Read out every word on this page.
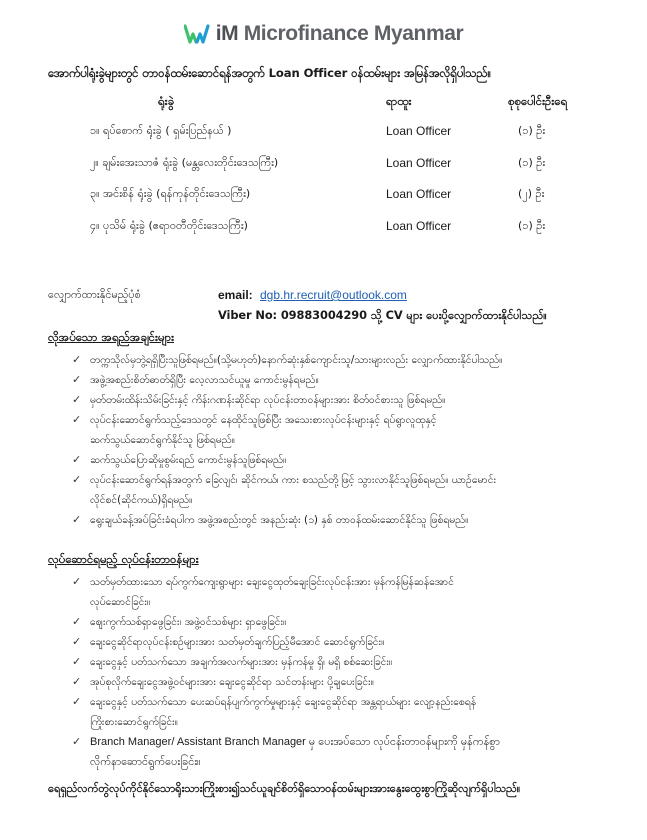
iM Microfinance Myanmar
အောက်ပါရုံးခွဲများတွင် တာဝန်ထမ်းဆောင်ရန်အတွက် Loan Officer ဝန်ထမ်းများ အမြန်အလိုရှိပါသည်။
ရုံးခွဲ	ရာထူး	စုစုပေါင်းဦးရေ
၁။ ရပ်စောက် ရုံးခွဲ ( ရှမ်းပြည်နယ် )	Loan Officer	(၁) ဦး
၂။ ချမ်းအေးသာဇံ ရုံးခွဲ (မန္တလေးတိုင်းဒေသကြီး)	Loan Officer	(၁) ဦး
၃။ အင်းစိန် ရုံးခွဲ (ရန်ကုန်တိုင်းဒေသကြီး)	Loan Officer	(၂) ဦး
၄။ ပုသိမ် ရုံးခွဲ (ဧရာဝတီတိုင်းဒေသကြီး)	Loan Officer	(၁) ဦး
လျှောက်ထားနိုင်မည့်ပုံစံ	email: dgb.hr.recruit@outlook.com
Viber No: 09883004290 သို့ CV များ ပေးပို့လျှောက်ထားနိုင်ပါသည်။
လိုအပ်သော အရည်အချင်းများ
✓ တက္ကသိုလ်မှဘွဲ့ရရှိပြီးသူဖြစ်ရမည်။(သို့မဟုတ်)နောက်ဆုံးနှစ်ကျောင်းသူ/သားများလည်း လျှောက်ထားနိုင်ပါသည်။
✓ အဖွဲ့အစည်းစိတ်ဓာတ်ရှိပြီး လေ့လာသင်ယူမှု ကောင်းမွန်ရမည်။
✓ မှတ်တမ်းထိန်းသိမ်းခြင်းနှင့် ကိန်းဂဏန်းဆိုင်ရာ လုပ်ငန်းတာဝန်များအား စိတ်ဝင်စားသူ ဖြစ်ရမည်။
✓ လုပ်ငန်းဆောင်ရွက်သည့်ဒေသတွင် နေထိုင်သူဖြစ်ပြီး အသေးစားလုပ်ငန်းများနှင့် ရပ်ရွာလူထုနှင့်
ဆက်သွယ်ဆောင်ရွက်နိုင်သူ ဖြစ်ရမည်။
✓ ဆက်သွယ်ပြောဆိုမှုစွမ်းရည် ကောင်းမွန်သူဖြစ်ရမည်။
✓ လုပ်ငန်းဆောင်ရွက်ရန်အတွက် ခြေလျင်၊ ဆိုင်ကယ်၊ ကား စသည်တို့ဖြင့် သွားလာနိုင်သူဖြစ်ရမည်။ ယာဉ်မောင်း
လိုင်စင်(ဆိုင်ကယ်)ရှိရမည်။
✓ ရွေးချယ်ခန့်အပ်ခြင်းခံရပါက အဖွဲ့အစည်းတွင် အနည်းဆုံး (၁) နှစ် တာဝန်ထမ်းဆောင်နိုင်သူ ဖြစ်ရမည်။
လုပ်ဆောင်ရမည့် လုပ်ငန်းတာဝန်များ
✓ သတ်မှတ်ထားသော ရပ်ကွက်ကျေးရွာများ ချေးငွေထုတ်ချေးခြင်းလုပ်ငန်းအား မှန်ကန်မြန်ဆန်အောင်
လုပ်ဆောင်ခြင်း။
✓ ဈေးကွက်သစ်ရှာဖွေခြင်း၊ အဖွဲ့ဝင်သစ်များ ရှာဖွေခြင်း။
✓ ချေးငွေဆိုင်ရာလုပ်ငန်းစဉ်များအား သတ်မှတ်ချက်ပြည့်မီအောင် ဆောင်ရွက်ခြင်း။
✓ ချေးငွေနှင့် ပတ်သက်သော အချက်အလက်များအား မှန်ကန်မှု ရှိ၊ မရှိ စစ်ဆေးခြင်း။
✓ အုပ်စုလိုက်ချေးငွေအဖွဲ့ဝင်များအား ချေးငွေဆိုင်ရာ သင်တန်းများ ပို့ချပေးခြင်း။
✓ ချေးငွေနှင့် ပတ်သက်သော ပေးဆပ်ရန်ပျက်ကွက်မှုများနှင့် ချေးငွေဆိုင်ရာ အန္တရာယ်များ လျော့နည်းစေရန်
ကြိုးစားဆောင်ရွက်ခြင်း။
✓ Branch Manager/ Assistant Branch Manager မှ ပေးအပ်သော လုပ်ငန်းတာဝန်များကို မှန်ကန်စွာ
လိုက်နာဆောင်ရွက်ပေးခြင်း။
ရေရှည်လက်တွဲလုပ်ကိုင်နိုင်သောရိုးသားကြိုးစား၍သင်ယူချင်စိတ်ရှိသောဝန်ထမ်းများအားနွေးထွေးစွာကြိုဆိုလျက်ရှိပါသည်။
